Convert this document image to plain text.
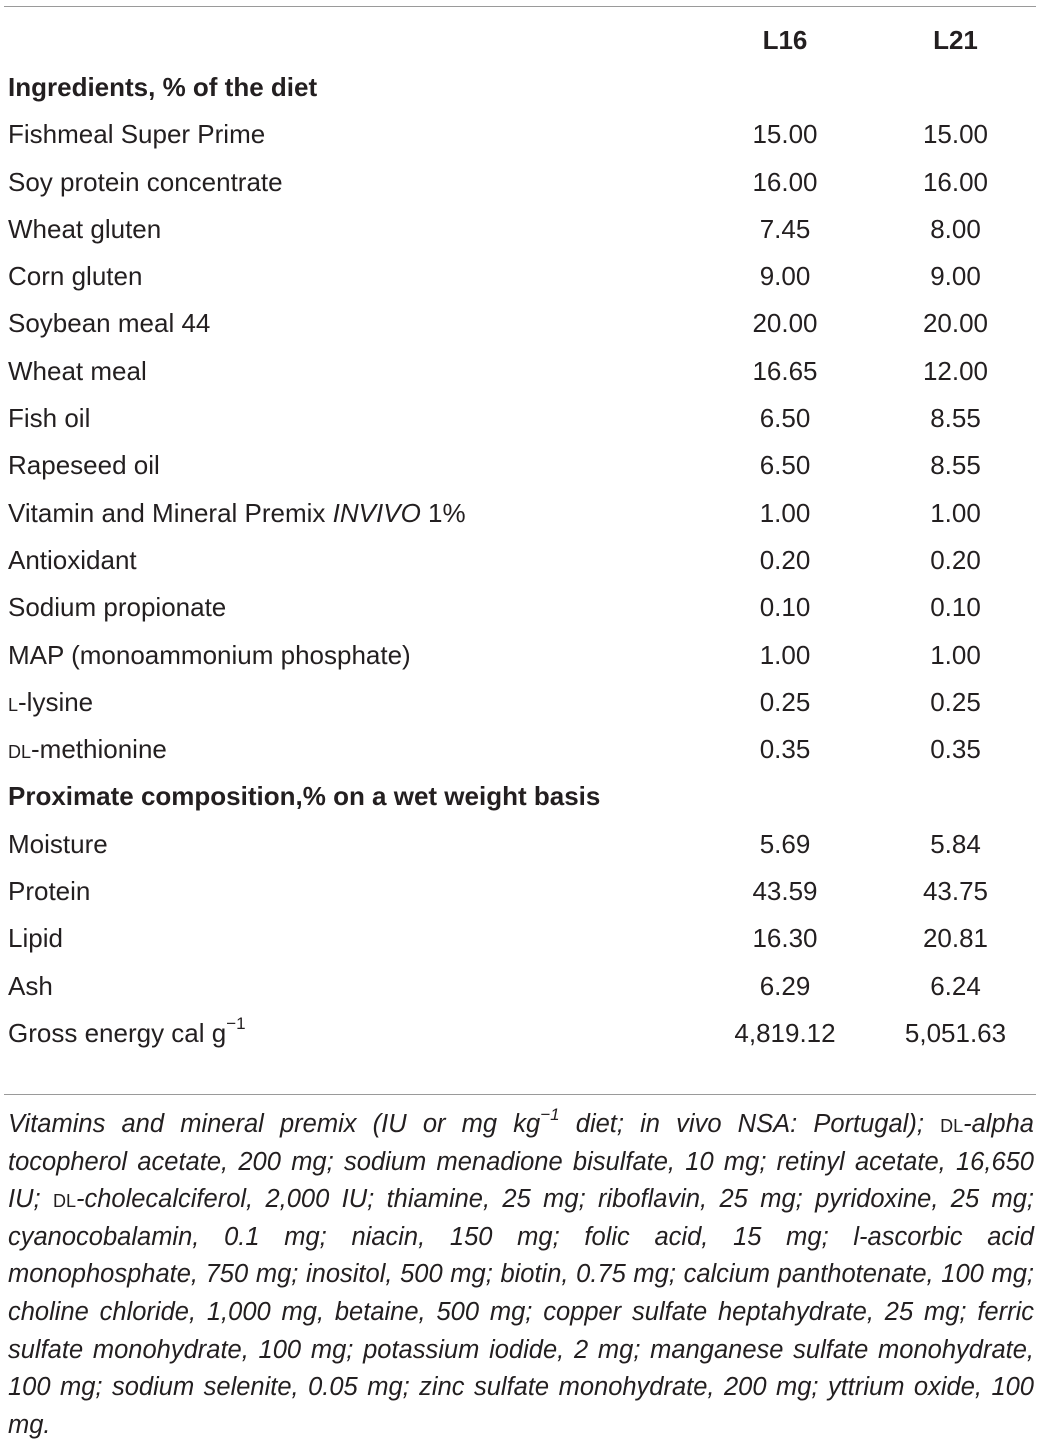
	L16	L21
Ingredients, % of the diet		
Fishmeal Super Prime	15.00	15.00
Soy protein concentrate	16.00	16.00
Wheat gluten	7.45	8.00
Corn gluten	9.00	9.00
Soybean meal 44	20.00	20.00
Wheat meal	16.65	12.00
Fish oil	6.50	8.55
Rapeseed oil	6.50	8.55
Vitamin and Mineral Premix INVIVO 1%	1.00	1.00
Antioxidant	0.20	0.20
Sodium propionate	0.10	0.10
MAP (monoammonium phosphate)	1.00	1.00
l-lysine	0.25	0.25
dl-methionine	0.35	0.35
Proximate composition,% on a wet weight basis		
Moisture	5.69	5.84
Protein	43.59	43.75
Lipid	16.30	20.81
Ash	6.29	6.24
Gross energy cal $g^{-1}$	4,819.12	5,051.63
Vitamins and mineral premix (IU or mg $kg^{-1}$ diet; in vivo NSA: Portugal); dl-alpha tocopherol acetate, 200 mg; sodium menadione bisulfate, 10 mg; retinyl acetate, 16,650 IU; dl-cholecalciferol, 2,000 IU; thiamine, 25 mg; riboflavin, 25 mg; pyridoxine, 25 mg; cyanocobalamin, 0.1 mg; niacin, 150 mg; folic acid, 15 mg; l-ascorbic acid monophosphate, 750 mg; inositol, 500 mg; biotin, 0.75 mg; calcium panthotenate, 100 mg; choline chloride, 1,000 mg, betaine, 500 mg; copper sulfate heptahydrate, 25 mg; ferric sulfate monohydrate, 100 mg; potassium iodide, 2 mg; manganese sulfate monohydrate, 100 mg; sodium selenite, 0.05 mg; zinc sulfate monohydrate, 200 mg; yttrium oxide, 100 mg.
